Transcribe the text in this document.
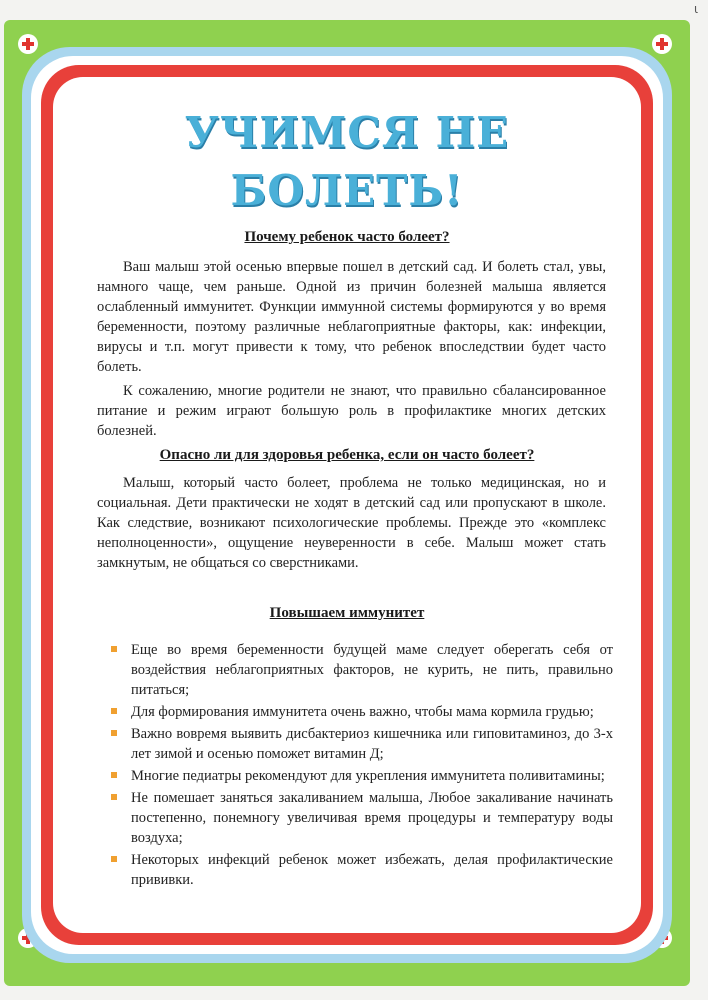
ι
УЧИМСЯ НЕ
БОЛЕТЬ!
Почему ребенок часто болеет?

Ваш малыш этой осенью впервые пошел в детский сад. И болеть стал, увы, намного чаще, чем раньше. Одной из причин болезней малыша является ослабленный иммунитет. Функции иммунной системы формируются у во время беременности, поэтому различные неблагоприятные факторы, как: инфекции, вирусы и т.п. могут привести к тому, что ребенок впоследствии будет часто болеть.

К сожалению, многие родители не знают, что правильно сбалансированное питание и режим играют большую роль в профилактике многих детских болезней.

Опасно ли для здоровья ребенка, если он часто болеет?

Малыш, который часто болеет, проблема не только медицинская, но и социальная. Дети практически не ходят в детский сад или пропускают в школе. Как следствие, возникают психологические проблемы. Прежде это «комплекс неполноценности», ощущение неуверенности в себе. Малыш может стать замкнутым, не общаться со сверстниками.

Повышаем иммунитет
Еще во время беременности будущей маме следует оберегать себя от воздействия неблагоприятных факторов, не курить, не пить, правильно питаться;
Для формирования иммунитета очень важно, чтобы мама кормила грудью;
Важно вовремя выявить дисбактериоз кишечника или гиповитаминоз, до 3-х лет зимой и осенью поможет витамин Д;
Многие педиатры рекомендуют для укрепления иммунитета поливитамины;
Не помешает заняться закаливанием малыша, Любое закаливание начинать постепенно, понемногу увеличивая время процедуры и температуру воды воздуха;
Некоторых инфекций ребенок может избежать, делая профилактические прививки.
